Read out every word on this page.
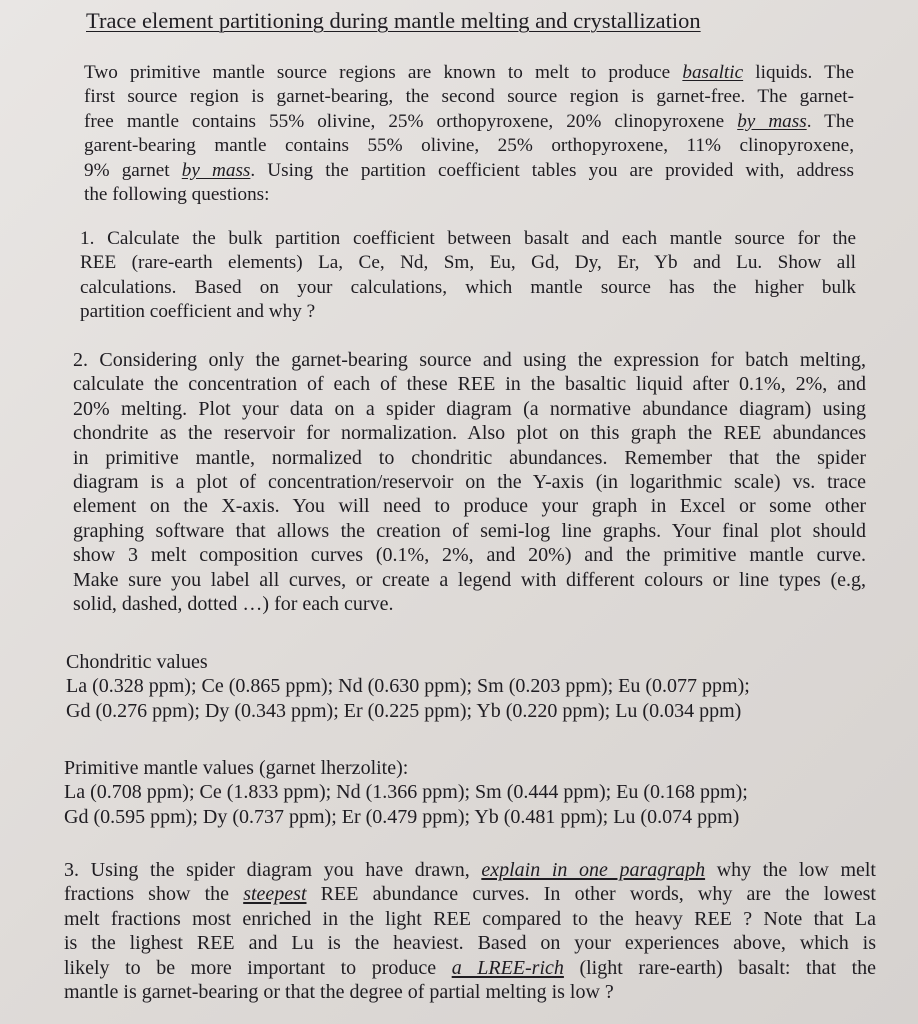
Trace element partitioning during mantle melting and crystallization
Two primitive mantle source regions are known to melt to produce basaltic liquids. The
first source region is garnet-bearing, the second source region is garnet-free. The garnet-
free mantle contains 55% olivine, 25% orthopyroxene, 20% clinopyroxene by mass. The
garent-bearing mantle contains 55% olivine, 25% orthopyroxene, 11% clinopyroxene,
9% garnet by mass. Using the partition coefficient tables you are provided with, address
the following questions:
1. Calculate the bulk partition coefficient between basalt and each mantle source for the
REE (rare-earth elements) La, Ce, Nd, Sm, Eu, Gd, Dy, Er, Yb and Lu. Show all
calculations. Based on your calculations, which mantle source has the higher bulk
partition coefficient and why ?
2. Considering only the garnet-bearing source and using the expression for batch melting,
calculate the concentration of each of these REE in the basaltic liquid after 0.1%, 2%, and
20% melting. Plot your data on a spider diagram (a normative abundance diagram) using
chondrite as the reservoir for normalization. Also plot on this graph the REE abundances
in primitive mantle, normalized to chondritic abundances. Remember that the spider
diagram is a plot of concentration/reservoir on the Y-axis (in logarithmic scale) vs. trace
element on the X-axis. You will need to produce your graph in Excel or some other
graphing software that allows the creation of semi-log line graphs. Your final plot should
show 3 melt composition curves (0.1%, 2%, and 20%) and the primitive mantle curve.
Make sure you label all curves, or create a legend with different colours or line types (e.g,
solid, dashed, dotted …) for each curve.
Chondritic values
La (0.328 ppm); Ce (0.865 ppm); Nd (0.630 ppm); Sm (0.203 ppm); Eu (0.077 ppm);
Gd (0.276 ppm); Dy (0.343 ppm); Er (0.225 ppm); Yb (0.220 ppm); Lu (0.034 ppm)
Primitive mantle values (garnet lherzolite):
La (0.708 ppm); Ce (1.833 ppm); Nd (1.366 ppm); Sm (0.444 ppm); Eu (0.168 ppm);
Gd (0.595 ppm); Dy (0.737 ppm); Er (0.479 ppm); Yb (0.481 ppm); Lu (0.074 ppm)
3. Using the spider diagram you have drawn, explain in one paragraph why the low melt
fractions show the steepest REE abundance curves. In other words, why are the lowest
melt fractions most enriched in the light REE compared to the heavy REE ? Note that La
is the lighest REE and Lu is the heaviest. Based on your experiences above, which is
likely to be more important to produce a LREE-rich (light rare-earth) basalt: that the
mantle is garnet-bearing or that the degree of partial melting is low ?
